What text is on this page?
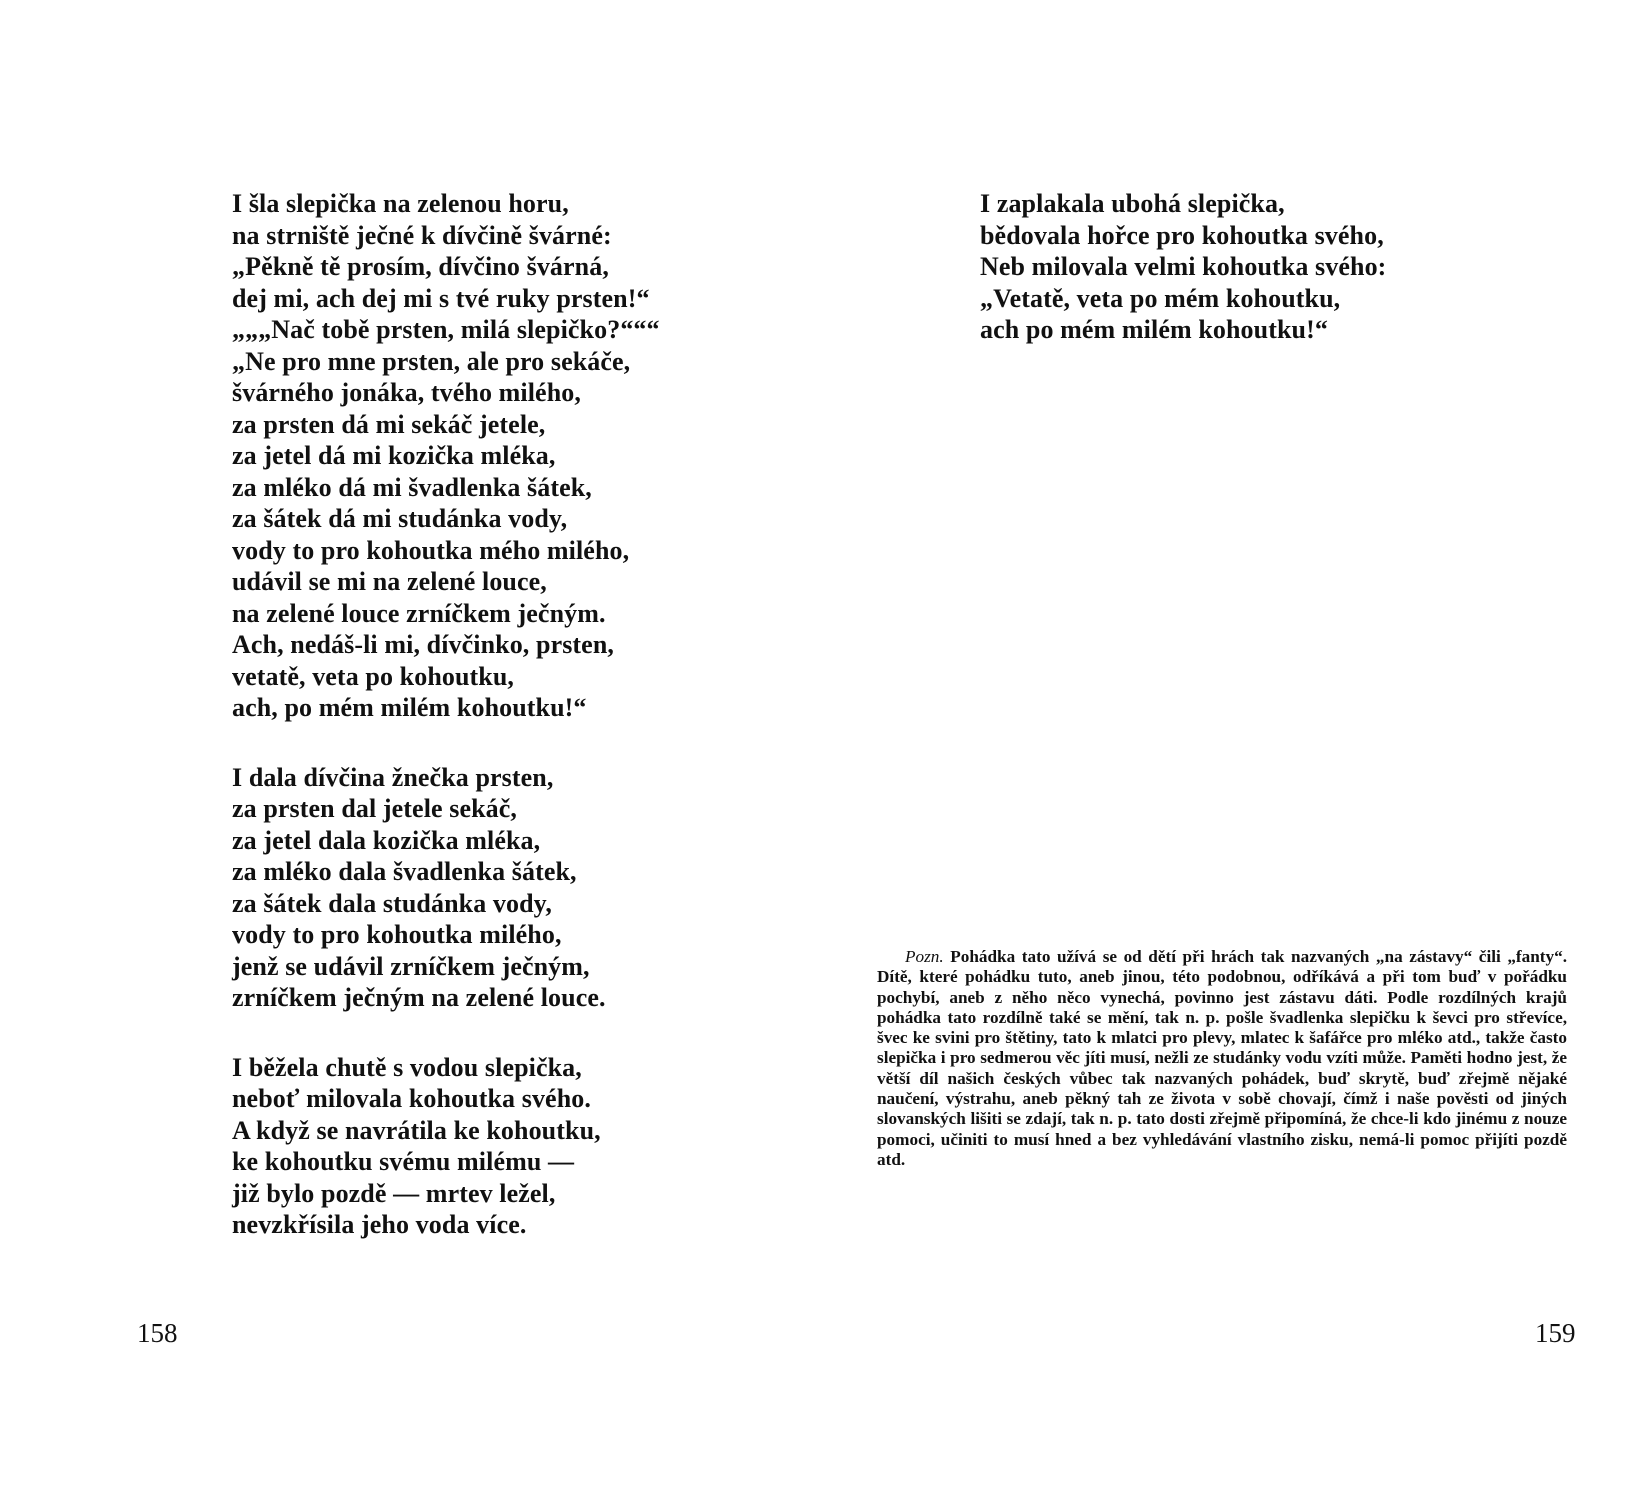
I šla slepička na zelenou horu,
na strniště ječné k dívčině švárné:
„Pěkně tě prosím, dívčino švárná,
dej mi, ach dej mi s tvé ruky prsten!“
„„„Nač tobě prsten, milá slepičko?“““
„Ne pro mne prsten, ale pro sekáče,
švárného jonáka, tvého milého,
za prsten dá mi sekáč jetele,
za jetel dá mi kozička mléka,
za mléko dá mi švadlenka šátek,
za šátek dá mi studánka vody,
vody to pro kohoutka mého milého,
udávil se mi na zelené louce,
na zelené louce zrníčkem ječným.
Ach, nedáš-li mi, dívčinko, prsten,
vetatě, veta po kohoutku,
ach, po mém milém kohoutku!“
I dala dívčina žnečka prsten,
za prsten dal jetele sekáč,
za jetel dala kozička mléka,
za mléko dala švadlenka šátek,
za šátek dala studánka vody,
vody to pro kohoutka milého,
jenž se udávil zrníčkem ječným,
zrníčkem ječným na zelené louce.
I běžela chutě s vodou slepička,
neboť milovala kohoutka svého.
A když se navrátila ke kohoutku,
ke kohoutku svému milému —
již bylo pozdě — mrtev ležel,
nevzkřísila jeho voda více.
158
I zaplakala ubohá slepička,
bědovala hořce pro kohoutka svého,
Neb milovala velmi kohoutka svého:
„Vetatě, veta po mém kohoutku,
ach po mém milém kohoutku!“
Pozn. Pohádka tato užívá se od dětí při hrách tak nazvaných „na zástavy“ čili „fanty“. Dítě, které pohádku tuto, aneb jinou, této podobnou, odříkává a při tom buď v pořádku pochybí, aneb z něho něco vynechá, povinno jest zástavu dáti. Podle rozdílných krajů pohádka tato rozdílně také se mění, tak n. p. pošle švadlenka slepičku k ševci pro střevíce, švec ke svini pro štětiny, tato k mlatci pro plevy, mlatec k šafářce pro mléko atd., takže často slepička i pro sedmerou věc jíti musí, nežli ze studánky vodu vzíti může. Paměti hodno jest, že větší díl našich českých vůbec tak nazvaných pohádek, buď skrytě, buď zřejmě nějaké naučení, výstrahu, aneb pěkný tah ze života v sobě chovají, čímž i naše pověsti od jiných slovanských lišiti se zdají, tak n. p. tato dosti zřejmě připomíná, že chce-li kdo jinému z nouze pomoci, učiniti to musí hned a bez vyhledávání vlastního zisku, nemá-li pomoc přijíti pozdě atd.
159
